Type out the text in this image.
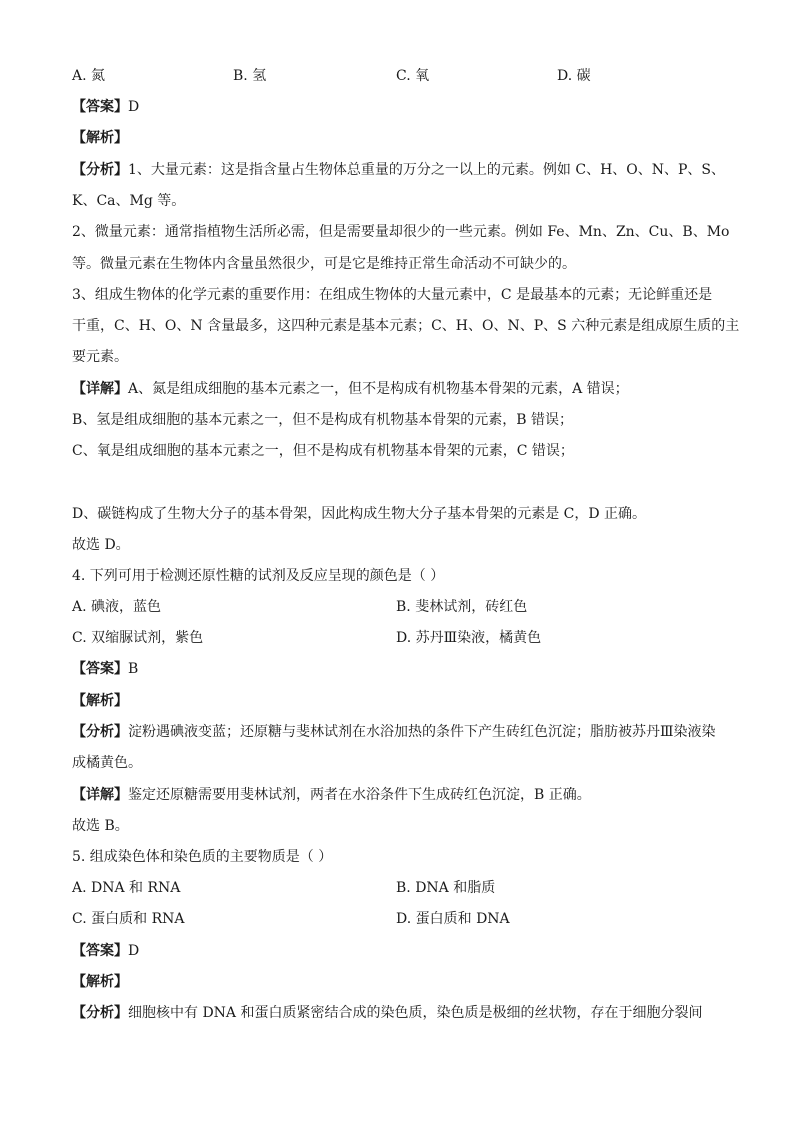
A. 氮	B. 氢	C. 氧	D. 碳
【答案】D
【解析】
【分析】1、大量元素：这是指含量占生物体总重量的万分之一以上的元素。例如 C、H、O、N、P、S、
K、Ca、Mg 等。
2、微量元素：通常指植物生活所必需，但是需要量却很少的一些元素。例如 Fe、Mn、Zn、Cu、B、Mo
等。微量元素在生物体内含量虽然很少，可是它是维持正常生命活动不可缺少的。
3、组成生物体的化学元素的重要作用：在组成生物体的大量元素中，C 是最基本的元素；无论鲜重还是
干重，C、H、O、N 含量最多，这四种元素是基本元素；C、H、O、N、P、S 六种元素是组成原生质的主
要元素。
【详解】A、氮是组成细胞的基本元素之一，但不是构成有机物基本骨架的元素，A 错误；
B、氢是组成细胞的基本元素之一，但不是构成有机物基本骨架的元素，B 错误；
C、氧是组成细胞的基本元素之一，但不是构成有机物基本骨架的元素，C 错误；
D、碳链构成了生物大分子的基本骨架，因此构成生物大分子基本骨架的元素是 C，D 正确。
故选 D。
4. 下列可用于检测还原性糖的试剂及反应呈现的颜色是（ ）
A. 碘液，蓝色	B. 斐林试剂，砖红色
C. 双缩脲试剂，紫色	D. 苏丹Ⅲ染液，橘黄色
【答案】B
【解析】
【分析】淀粉遇碘液变蓝；还原糖与斐林试剂在水浴加热的条件下产生砖红色沉淀；脂肪被苏丹Ⅲ染液染
成橘黄色。
【详解】鉴定还原糖需要用斐林试剂，两者在水浴条件下生成砖红色沉淀，B 正确。
故选 B。
5. 组成染色体和染色质的主要物质是（ ）
A. DNA 和 RNA	B. DNA 和脂质
C. 蛋白质和 RNA	D. 蛋白质和 DNA
【答案】D
【解析】
【分析】细胞核中有 DNA 和蛋白质紧密结合成的染色质，染色质是极细的丝状物，存在于细胞分裂间
